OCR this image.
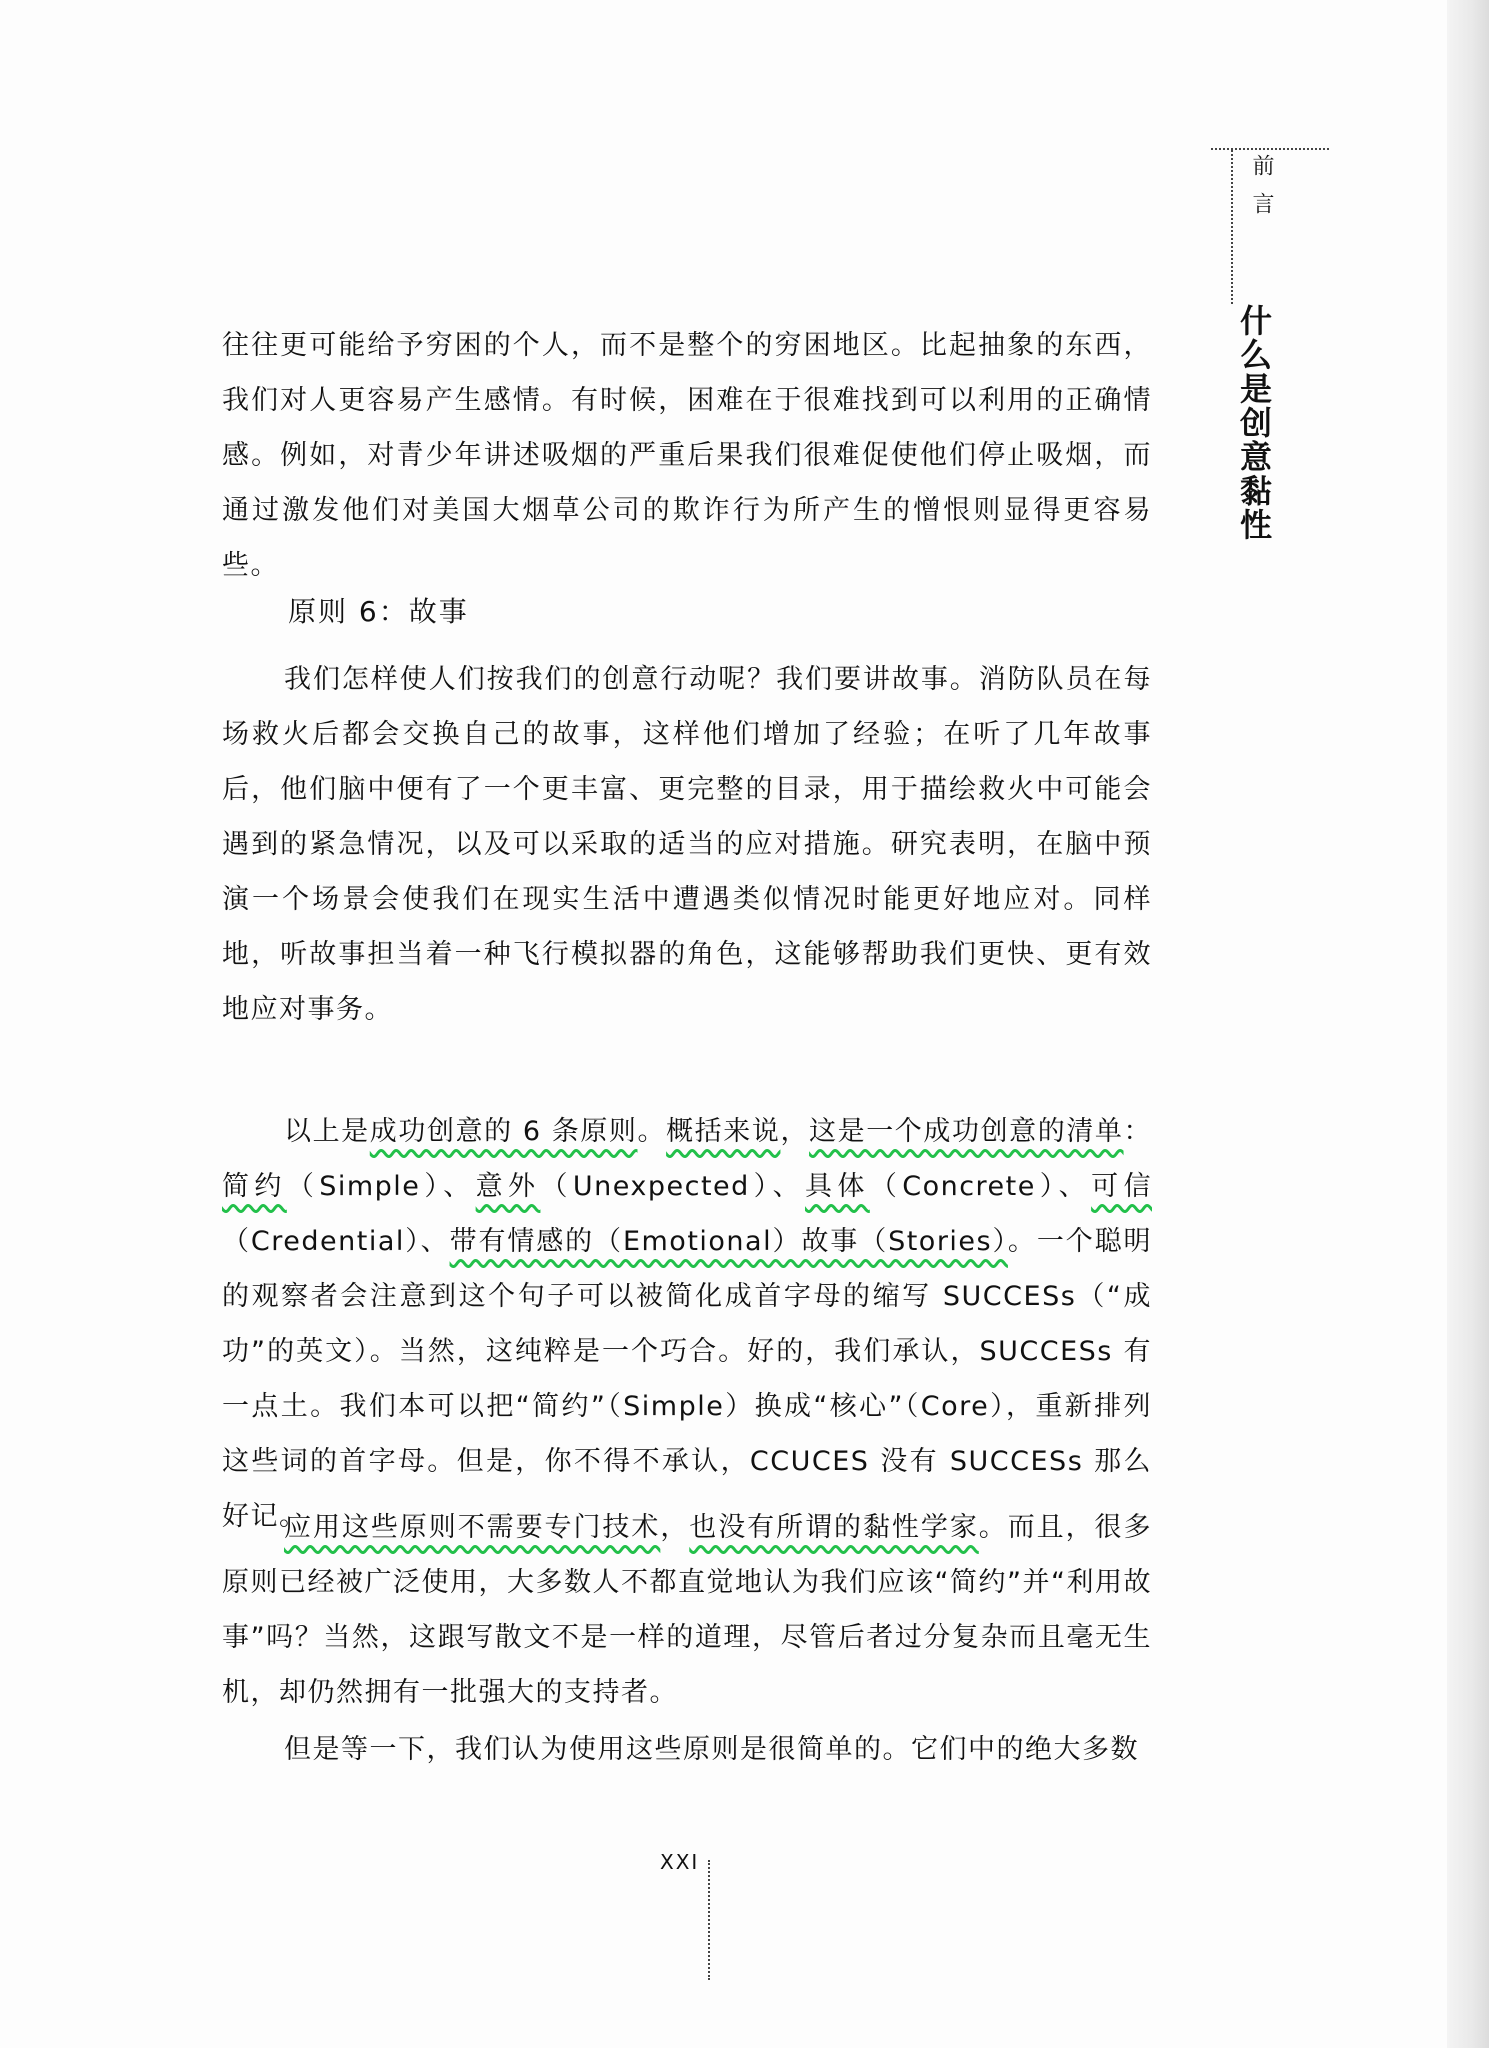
前言
什么是创意黏性

往往更可能给予穷困的个人，而不是整个的穷困地区。比起抽象的东西，我们对人更容易产生感情。有时候，困难在于很难找到可以利用的正确情感。例如，对青少年讲述吸烟的严重后果我们很难促使他们停止吸烟，而通过激发他们对美国大烟草公司的欺诈行为所产生的憎恨则显得更容易些。

原则 6：故事

我们怎样使人们按我们的创意行动呢？我们要讲故事。消防队员在每场救火后都会交换自己的故事，这样他们增加了经验；在听了几年故事后，他们脑中便有了一个更丰富、更完整的目录，用于描绘救火中可能会遇到的紧急情况，以及可以采取的适当的应对措施。研究表明，在脑中预演一个场景会使我们在现实生活中遭遇类似情况时能更好地应对。同样地，听故事担当着一种飞行模拟器的角色，这能够帮助我们更快、更有效地应对事务。

以上是成功创意的 6 条原则。概括来说，这是一个成功创意的清单：简约（Simple）、意外（Unexpected）、具体（Concrete）、可信（Credential）、带有情感的（Emotional）故事（Stories）。一个聪明的观察者会注意到这个句子可以被简化成首字母的缩写 SUCCESs（“成功”的英文）。当然，这纯粹是一个巧合。好的，我们承认，SUCCESs 有一点土。我们本可以把“简约”（Simple）换成“核心”（Core），重新排列这些词的首字母。但是，你不得不承认，CCUCES 没有 SUCCESs 那么好记。

应用这些原则不需要专门技术，也没有所谓的黏性学家。而且，很多原则已经被广泛使用，大多数人不都直觉地认为我们应该“简约”并“利用故事”吗？当然，这跟写散文不是一样的道理，尽管后者过分复杂而且毫无生机，却仍然拥有一批强大的支持者。

但是等一下，我们认为使用这些原则是很简单的。它们中的绝大多数

XXI
